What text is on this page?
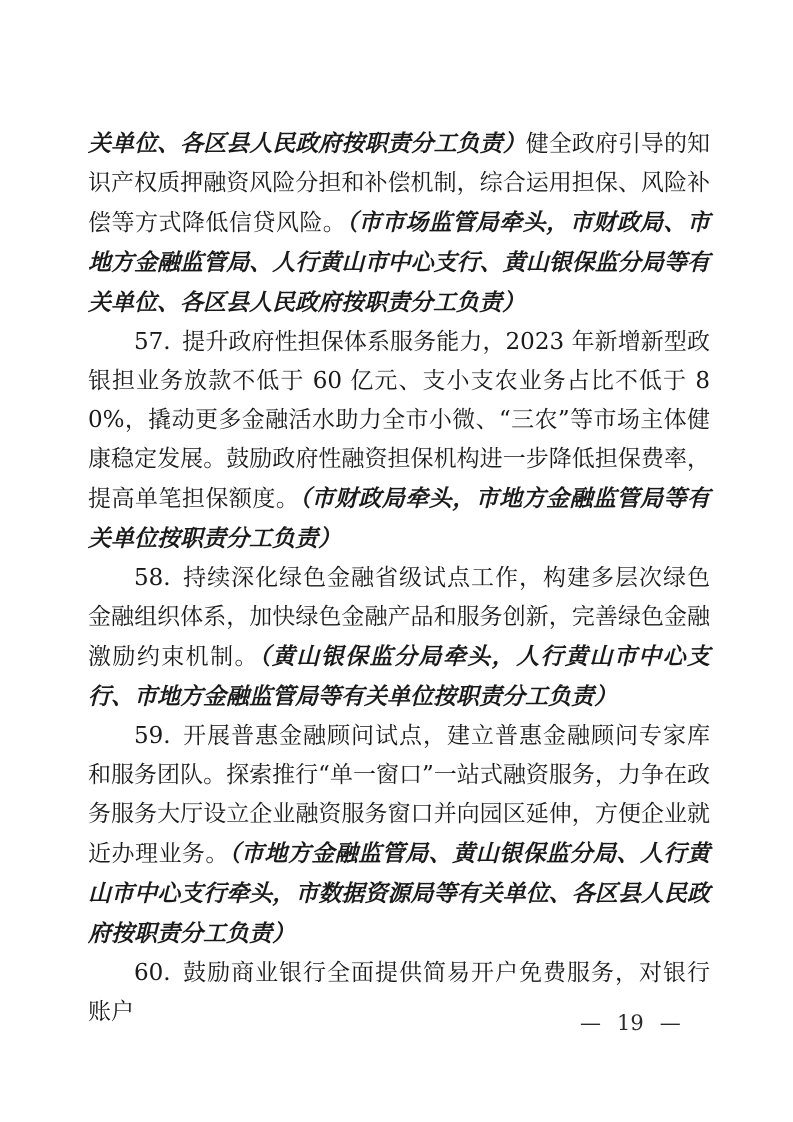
关单位、各区县人民政府按职责分工负责）健全政府引导的知识产权质押融资风险分担和补偿机制，综合运用担保、风险补偿等方式降低信贷风险。（市市场监管局牵头，市财政局、市地方金融监管局、人行黄山市中心支行、黄山银保监分局等有关单位、各区县人民政府按职责分工负责）

57. 提升政府性担保体系服务能力，2023 年新增新型政银担业务放款不低于 60 亿元、支小支农业务占比不低于 80%，撬动更多金融活水助力全市小微、“三农”等市场主体健康稳定发展。鼓励政府性融资担保机构进一步降低担保费率，提高单笔担保额度。（市财政局牵头，市地方金融监管局等有关单位按职责分工负责）

58. 持续深化绿色金融省级试点工作，构建多层次绿色金融组织体系，加快绿色金融产品和服务创新，完善绿色金融激励约束机制。（黄山银保监分局牵头，人行黄山市中心支行、市地方金融监管局等有关单位按职责分工负责）

59. 开展普惠金融顾问试点，建立普惠金融顾问专家库和服务团队。探索推行“单一窗口”一站式融资服务，力争在政务服务大厅设立企业融资服务窗口并向园区延伸，方便企业就近办理业务。（市地方金融监管局、黄山银保监分局、人行黄山市中心支行牵头，市数据资源局等有关单位、各区县人民政府按职责分工负责）

60. 鼓励商业银行全面提供简易开户免费服务，对银行账户	— 19 —
